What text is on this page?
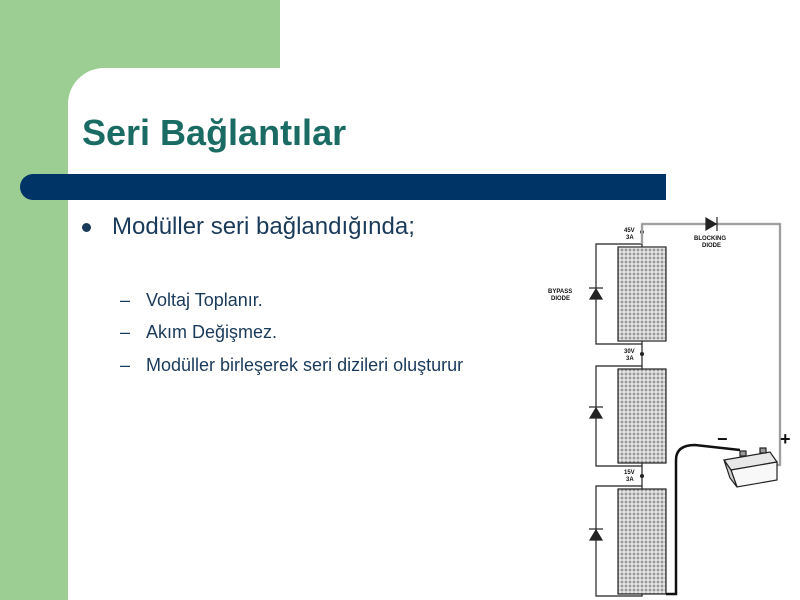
Seri Bağlantılar
Modüller seri bağlandığında;
– Voltaj Toplanır.
– Akım Değişmez.
– Modüller birleşerek seri dizileri oluşturur
45V
3A
30V
3A
15V
3A
BYPASS
DIODE
BLOCKING
DIODE
−	+
